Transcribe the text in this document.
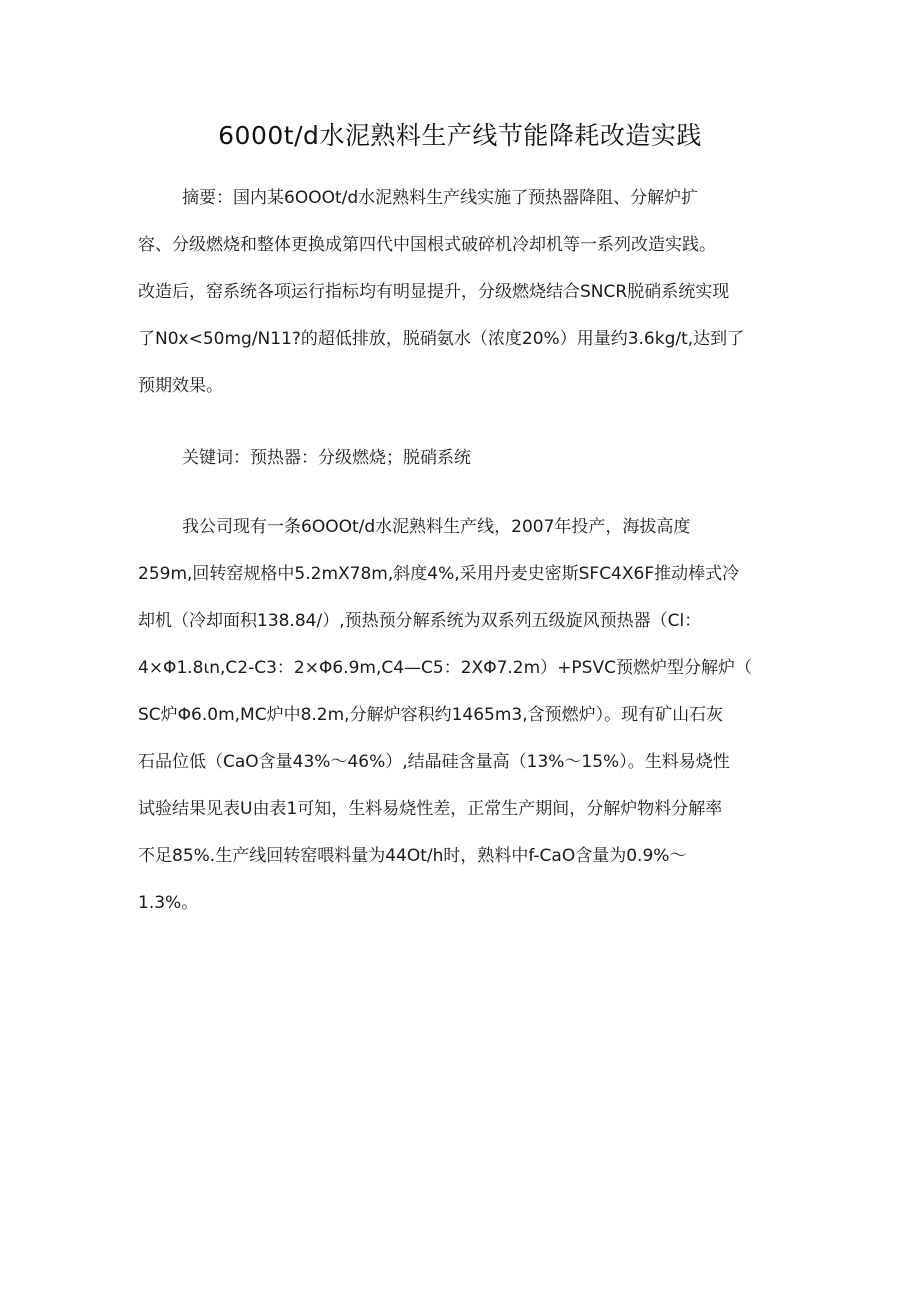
6000t/d水泥熟料生产线节能降耗改造实践
摘要：国内某6OOOt/d水泥熟料生产线实施了预热器降阻、分解炉扩
容、分级燃烧和整体更换成第四代中国根式破碎机冷却机等一系列改造实践。
改造后，窑系统各项运行指标均有明显提升，分级燃烧结合SNCR脱硝系统实现
了N0x<50mg/N11?的超低排放，脱硝氨水（浓度20%）用量约3.6kg/t,达到了
预期效果。
关键词：预热器：分级燃烧；脱硝系统
我公司现有一条6OOOt/d水泥熟料生产线，2007年投产，海拔高度
259m,回转窑规格中5.2mX78m,斜度4%,采用丹麦史密斯SFC4X6F推动棒式冷
却机（冷却面积138.84/）,预热预分解系统为双系列五级旋风预热器（Cl：
4×Φ1.8ιn,C2-C3：2×Φ6.9m,C4—C5：2XΦ7.2m）+PSVC预燃炉型分解炉（
SC炉Φ6.0m,MC炉中8.2m,分解炉容积约1465m3,含预燃炉）。现有矿山石灰
石品位低（CaO含量43%〜46%）,结晶硅含量高（13%〜15%）。生料易烧性
试验结果见表U由表1可知，生料易烧性差，正常生产期间，分解炉物料分解率
不足85%.生产线回转窑喂料量为44Ot/h时，熟料中f-CaO含量为0.9%〜
1.3%。
